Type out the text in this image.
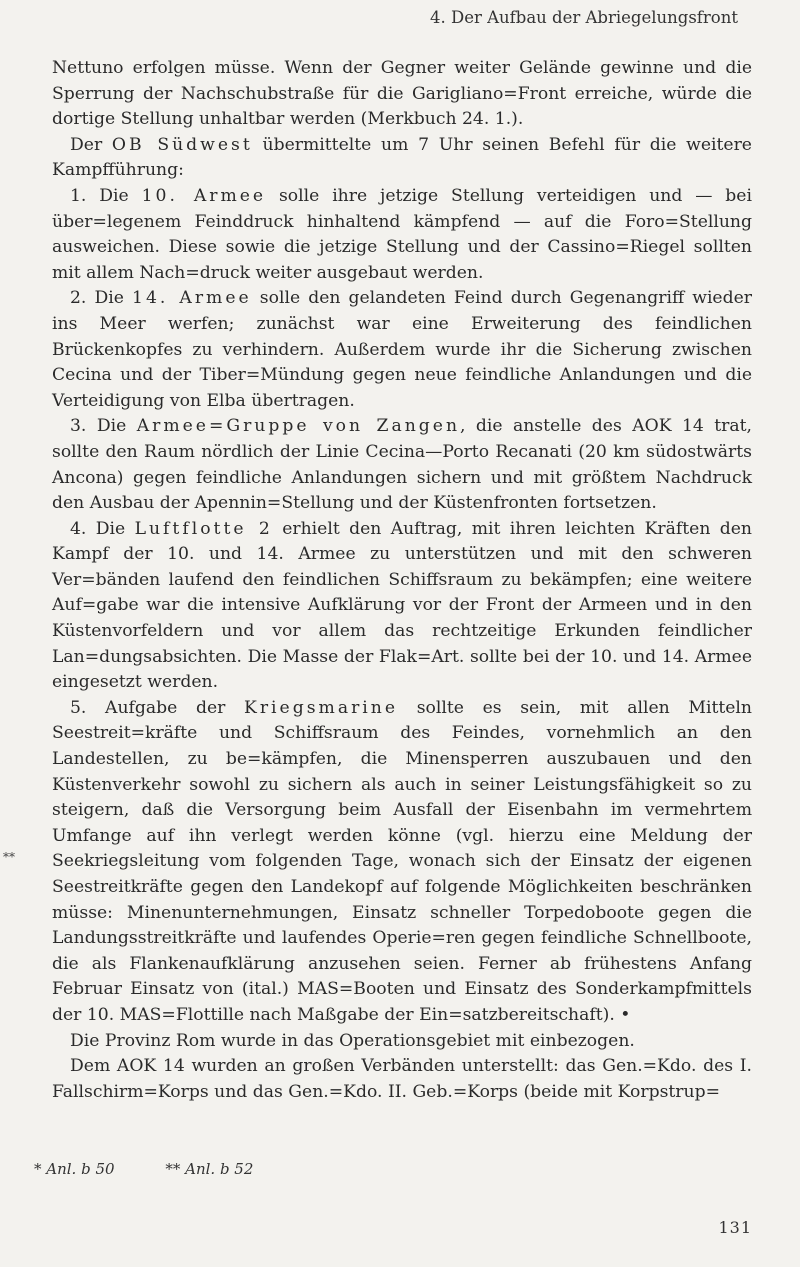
4. Der Aufbau der Abriegelungsfront

Nettuno erfolgen müsse. Wenn der Gegner weiter Gelände gewinne und die Sperrung der Nachschubstraße für die Garigliano=Front erreiche, würde die dortige Stellung unhaltbar werden (Merkbuch 24. 1.).

Der OB Südwest übermittelte um 7 Uhr seinen Befehl für die weitere Kampfführung:

1. Die 10. Armee solle ihre jetzige Stellung verteidigen und — bei über=legenem Feinddruck hinhaltend kämpfend — auf die Foro=Stellung ausweichen. Diese sowie die jetzige Stellung und der Cassino=Riegel sollten mit allem Nach=druck weiter ausgebaut werden.

2. Die 14. Armee solle den gelandeten Feind durch Gegenangriff wieder ins Meer werfen; zunächst war eine Erweiterung des feindlichen Brückenkopfes zu verhindern. Außerdem wurde ihr die Sicherung zwischen Cecina und der Tiber=Mündung gegen neue feindliche Anlandungen und die Verteidigung von Elba übertragen.

3. Die Armee=Gruppe von Zangen, die anstelle des AOK 14 trat, sollte den Raum nördlich der Linie Cecina—Porto Recanati (20 km südostwärts Ancona) gegen feindliche Anlandungen sichern und mit größtem Nachdruck den Ausbau der Apennin=Stellung und der Küstenfronten fortsetzen.

4. Die Luftflotte 2 erhielt den Auftrag, mit ihren leichten Kräften den Kampf der 10. und 14. Armee zu unterstützen und mit den schweren Ver=bänden laufend den feindlichen Schiffsraum zu bekämpfen; eine weitere Auf=gabe war die intensive Aufklärung vor der Front der Armeen und in den Küstenvorfeldern und vor allem das rechtzeitige Erkunden feindlicher Lan=dungsabsichten. Die Masse der Flak=Art. sollte bei der 10. und 14. Armee eingesetzt werden.

5. Aufgabe der Kriegsmarine sollte es sein, mit allen Mitteln Seestreit=kräfte und Schiffsraum des Feindes, vornehmlich an den Landestellen, zu be=kämpfen, die Minensperren auszubauen und den Küstenverkehr sowohl zu sichern als auch in seiner Leistungsfähigkeit so zu steigern, daß die Versorgung beim Ausfall der Eisenbahn im vermehrtem Umfange auf ihn verlegt werden könne (vgl. hierzu eine Meldung der Seekriegsleitung vom folgenden Tage, wonach sich der Einsatz der eigenen Seestreitkräfte gegen den Landekopf auf folgende Möglichkeiten beschränken müsse: Minenunternehmungen, Einsatz schneller Torpedoboote gegen die Landungsstreitkräfte und laufendes Operie=ren gegen feindliche Schnellboote, die als Flankenaufklärung anzusehen seien. Ferner ab frühestens Anfang Februar Einsatz von (ital.) MAS=Booten und Einsatz des Sonderkampfmittels der 10. MAS=Flottille nach Maßgabe der Ein=satzbereitschaft). •

Die Provinz Rom wurde in das Operationsgebiet mit einbezogen.

Dem AOK 14 wurden an großen Verbänden unterstellt: das Gen.=Kdo. des I. Fallschirm=Korps und das Gen.=Kdo. II. Geb.=Korps (beide mit Korpstrup=

**
* Anl. b 50	** Anl. b 52
131
